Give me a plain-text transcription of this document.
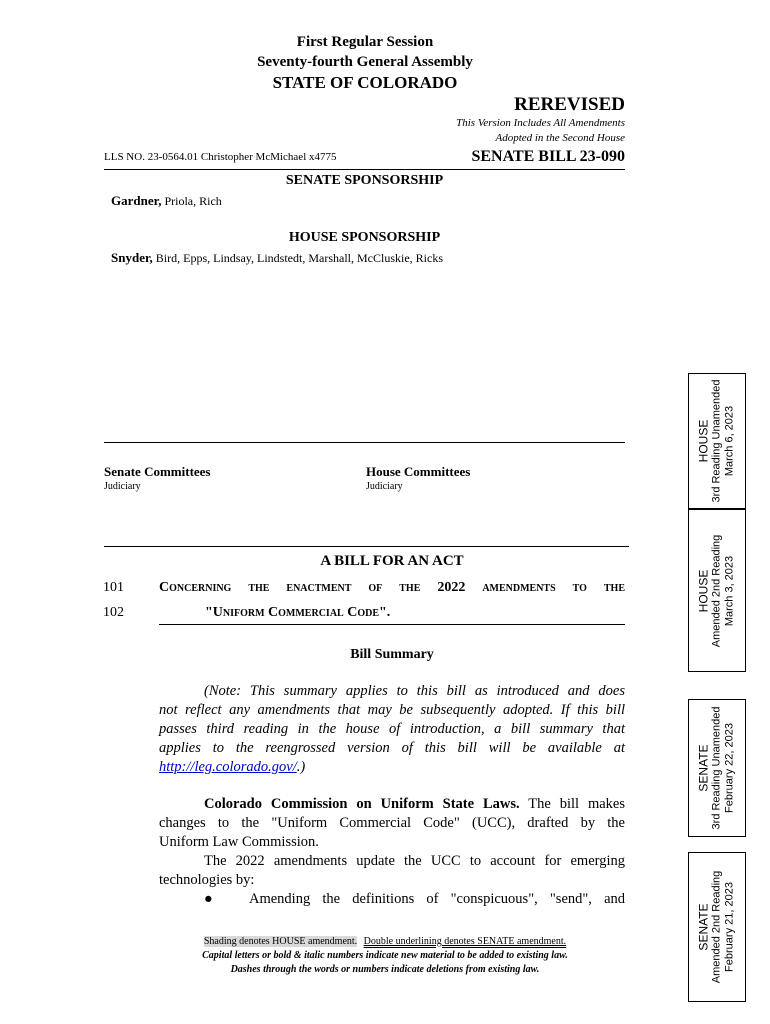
First Regular Session
Seventy-fourth General Assembly
STATE OF COLORADO
REREVISED
This Version Includes All Amendments
Adopted in the Second House
LLS NO. 23-0564.01 Christopher McMichael x4775	SENATE BILL 23-090
SENATE SPONSORSHIP
Gardner, Priola, Rich
HOUSE SPONSORSHIP
Snyder, Bird, Epps, Lindsay, Lindstedt, Marshall, McCluskie, Ricks
Senate Committees
Judiciary
House Committees
Judiciary
A BILL FOR AN ACT
101	Concerning the enactment of the 2022 amendments to the
102	"Uniform Commercial Code".
Bill Summary
(Note: This summary applies to this bill as introduced and does
not reflect any amendments that may be subsequently adopted. If this bill
passes third reading in the house of introduction, a bill summary that
applies to the reengrossed version of this bill will be available at
http://leg.colorado.gov/.)
Colorado Commission on Uniform State Laws. The bill makes
changes to the "Uniform Commercial Code" (UCC), drafted by the
Uniform Law Commission.
The 2022 amendments update the UCC to account for emerging
technologies by:
● Amending the definitions of "conspicuous", "send", and
Shading denotes HOUSE amendment. Double underlining denotes SENATE amendment.
Capital letters or bold & italic numbers indicate new material to be added to existing law.
Dashes through the words or numbers indicate deletions from existing law.
HOUSE 3rd Reading Unamended March 6, 2023
HOUSE Amended 2nd Reading March 3, 2023
SENATE 3rd Reading Unamended February 22, 2023
SENATE Amended 2nd Reading February 21, 2023
